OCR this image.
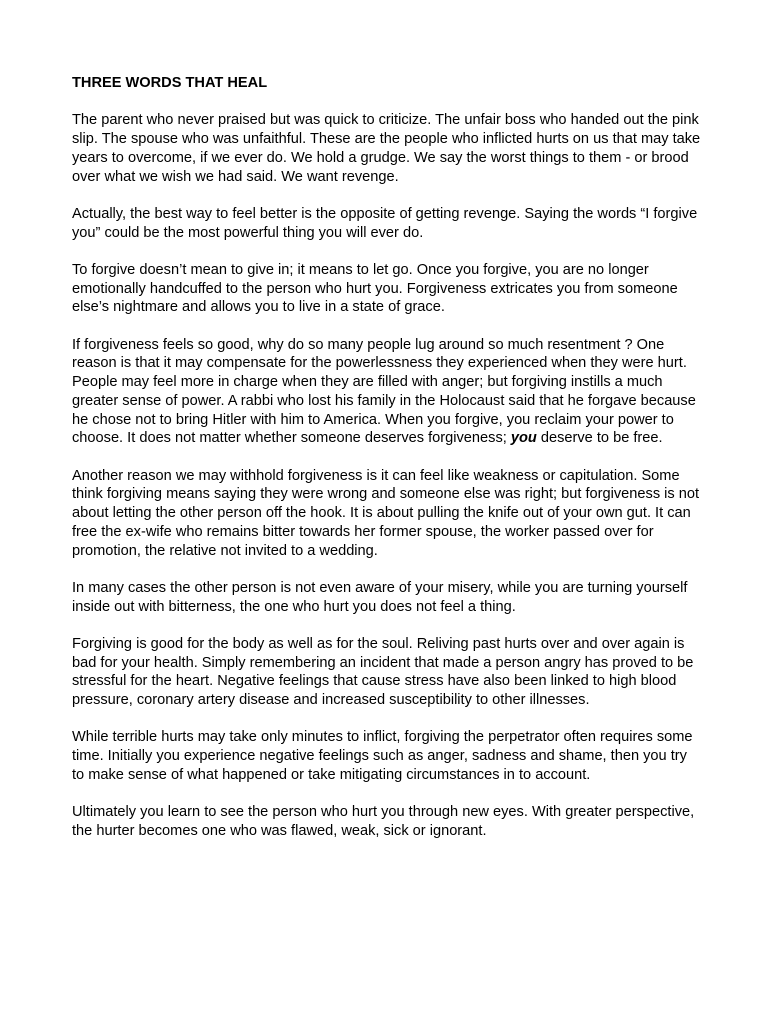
THREE WORDS THAT HEAL

The parent who never praised but was quick to criticize. The unfair boss who handed out the pink slip. The spouse who was unfaithful. These are the people who inflicted hurts on us that may take years to overcome, if we ever do. We hold a grudge. We say the worst things to them - or brood over what we wish we had said. We want revenge.

Actually, the best way to feel better is the opposite of getting revenge. Saying the words “I forgive you” could be the most powerful thing you will ever do.

To forgive doesn’t mean to give in; it means to let go. Once you forgive, you are no longer emotionally handcuffed to the person who hurt you. Forgiveness extricates you from someone else’s nightmare and allows you to live in a state of grace.

If forgiveness feels so good, why do so many people lug around so much resentment ? One reason is that it may compensate for the powerlessness they experienced when they were hurt. People may feel more in charge when they are filled with anger; but forgiving instills a much greater sense of power. A rabbi who lost his family in the Holocaust said that he forgave because he chose not to bring Hitler with him to America. When you forgive, you reclaim your power to choose. It does not matter whether someone deserves forgiveness; you deserve to be free.

Another reason we may withhold forgiveness is it can feel like weakness or capitulation. Some think forgiving means saying they were wrong and someone else was right; but forgiveness is not about letting the other person off the hook. It is about pulling the knife out of your own gut. It can free the ex-wife who remains bitter towards her former spouse, the worker passed over for promotion, the relative not invited to a wedding.

In many cases the other person is not even aware of your misery, while you are turning yourself inside out with bitterness, the one who hurt you does not feel a thing.

Forgiving is good for the body as well as for the soul. Reliving past hurts over and over again is bad for your health. Simply remembering an incident that made a person angry has proved to be stressful for the heart. Negative feelings that cause stress have also been linked to high blood pressure, coronary artery disease and increased susceptibility to other illnesses.

While terrible hurts may take only minutes to inflict, forgiving the perpetrator often requires some time. Initially you experience negative feelings such as anger, sadness and shame, then you try to make sense of what happened or take mitigating circumstances in to account.

Ultimately you learn to see the person who hurt you through new eyes. With greater perspective, the hurter becomes one who was flawed, weak, sick or ignorant.
